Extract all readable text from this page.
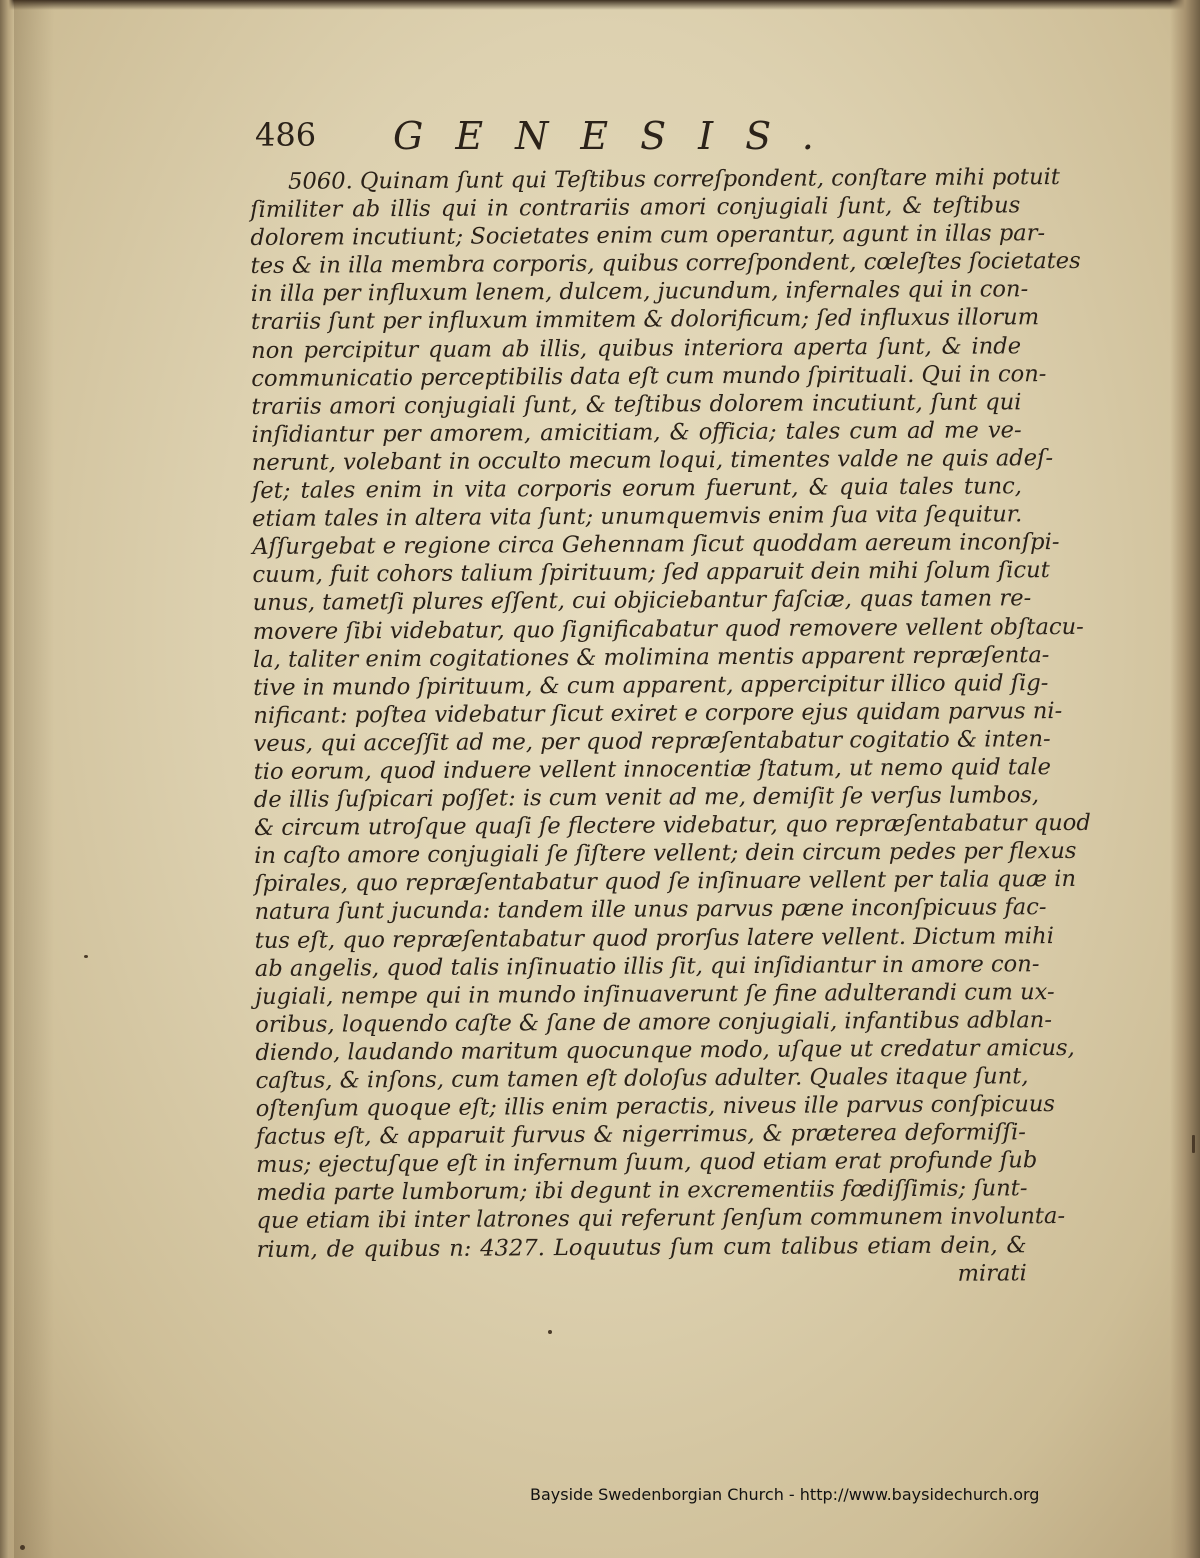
486 GENESIS.
5060. Quinam ſunt qui Teſtibus correſpondent, conſtare mihi potuit
ſimiliter ab illis qui in contrariis amori conjugiali ſunt, & teſtibus
dolorem incutiunt; Societates enim cum operantur, agunt in illas par-
tes & in illa membra corporis, quibus correſpondent, cœleſtes ſocietates
in illa per influxum lenem, dulcem, jucundum, infernales qui in con-
trariis ſunt per influxum immitem & dolorificum; ſed influxus illorum
non percipitur quam ab illis, quibus interiora aperta ſunt, & inde
communicatio perceptibilis data eſt cum mundo ſpirituali. Qui in con-
trariis amori conjugiali ſunt, & teſtibus dolorem incutiunt, ſunt qui
inſidiantur per amorem, amicitiam, & officia; tales cum ad me ve-
nerunt, volebant in occulto mecum loqui, timentes valde ne quis adeſ-
ſet; tales enim in vita corporis eorum fuerunt, & quia tales tunc,
etiam tales in altera vita ſunt; unumquemvis enim ſua vita ſequitur.
Aſſurgebat e regione circa Gehennam ſicut quoddam aereum inconſpi-
cuum, fuit cohors talium ſpirituum; ſed apparuit dein mihi ſolum ſicut
unus, tametſi plures eſſent, cui objiciebantur faſciæ, quas tamen re-
movere ſibi videbatur, quo ſignificabatur quod removere vellent obſtacu-
la, taliter enim cogitationes & molimina mentis apparent repræſenta-
tive in mundo ſpirituum, & cum apparent, appercipitur illico quid ſig-
nificant: poſtea videbatur ſicut exiret e corpore ejus quidam parvus ni-
veus, qui acceſſit ad me, per quod repræſentabatur cogitatio & inten-
tio eorum, quod induere vellent innocentiæ ſtatum, ut nemo quid tale
de illis ſuſpicari poſſet: is cum venit ad me, demiſit ſe verſus lumbos,
& circum utroſque quaſi ſe flectere videbatur, quo repræſentabatur quod
in caſto amore conjugiali ſe ſiſtere vellent; dein circum pedes per flexus
ſpirales, quo repræſentabatur quod ſe inſinuare vellent per talia quæ in
natura ſunt jucunda: tandem ille unus parvus pæne inconſpicuus fac-
tus eſt, quo repræſentabatur quod prorſus latere vellent. Dictum mihi
ab angelis, quod talis inſinuatio illis ſit, qui inſidiantur in amore con-
jugiali, nempe qui in mundo inſinuaverunt ſe fine adulterandi cum ux-
oribus, loquendo caſte & ſane de amore conjugiali, infantibus adblan-
diendo, laudando maritum quocunque modo, uſque ut credatur amicus,
caſtus, & inſons, cum tamen eſt doloſus adulter. Quales itaque ſunt,
oſtenſum quoque eſt; illis enim peractis, niveus ille parvus conſpicuus
factus eſt, & apparuit furvus & nigerrimus, & præterea deformiſſi-
mus; ejectuſque eſt in infernum ſuum, quod etiam erat profunde ſub
media parte lumborum; ibi degunt in excrementiis fœdiſſimis; ſunt-
que etiam ibi inter latrones qui referunt ſenſum communem involunta-
rium, de quibus n: 4327. Loquutus ſum cum talibus etiam dein, &
mirati
Bayside Swedenborgian Church - http://www.baysidechurch.org
